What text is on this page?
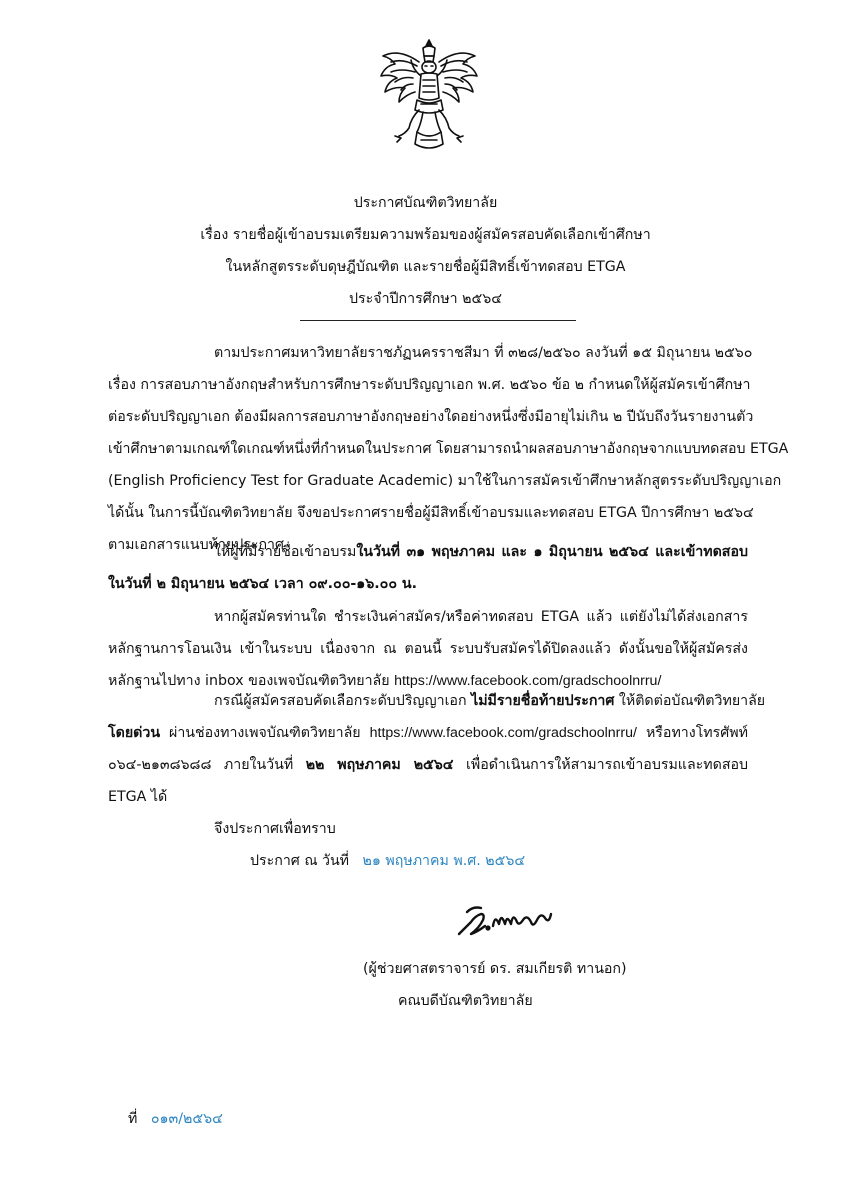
ประกาศบัณฑิตวิทยาลัย
เรื่อง รายชื่อผู้เข้าอบรมเตรียมความพร้อมของผู้สมัครสอบคัดเลือกเข้าศึกษา
ในหลักสูตรระดับดุษฎีบัณฑิต และรายชื่อผู้มีสิทธิ์เข้าทดสอบ ETGA
ประจำปีการศึกษา ๒๕๖๔
ตามประกาศมหาวิทยาลัยราชภัฏนครราชสีมา ที่ ๓๒๘/๒๕๖๐ ลงวันที่ ๑๕ มิถุนายน ๒๕๖๐
เรื่อง การสอบภาษาอังกฤษสำหรับการศึกษาระดับปริญญาเอก พ.ศ. ๒๕๖๐ ข้อ ๒ กำหนดให้ผู้สมัครเข้าศึกษา
ต่อระดับปริญญาเอก ต้องมีผลการสอบภาษาอังกฤษอย่างใดอย่างหนึ่งซึ่งมีอายุไม่เกิน ๒ ปีนับถึงวันรายงานตัว
เข้าศึกษาตามเกณฑ์ใดเกณฑ์หนึ่งที่กำหนดในประกาศ โดยสามารถนำผลสอบภาษาอังกฤษจากแบบทดสอบ ETGA
(English Proficiency Test for Graduate Academic) มาใช้ในการสมัครเข้าศึกษาหลักสูตรระดับปริญญาเอก
ได้นั้น ในการนี้บัณฑิตวิทยาลัย จึงขอประกาศรายชื่อผู้มีสิทธิ์เข้าอบรมและทดสอบ ETGA ปีการศึกษา ๒๕๖๔
ตามเอกสารแนบท้ายประกาศ
ให้ผู้ที่มีรายชื่อเข้าอบรมในวันที่ ๓๑ พฤษภาคม และ ๑ มิถุนายน ๒๕๖๔ และเข้าทดสอบ
ในวันที่ ๒ มิถุนายน ๒๕๖๔ เวลา ๐๙.๐๐-๑๖.๐๐ น.
หากผู้สมัครท่านใด ชำระเงินค่าสมัคร/หรือค่าทดสอบ ETGA แล้ว แต่ยังไม่ได้ส่งเอกสาร
หลักฐานการโอนเงิน เข้าในระบบ เนื่องจาก ณ ตอนนี้ ระบบรับสมัครได้ปิดลงแล้ว ดังนั้นขอให้ผู้สมัครส่ง
หลักฐานไปทาง inbox ของเพจบัณฑิตวิทยาลัย https://www.facebook.com/gradschoolnrru/
กรณีผู้สมัครสอบคัดเลือกระดับปริญญาเอก ไม่มีรายชื่อท้ายประกาศ ให้ติดต่อบัณฑิตวิทยาลัย
โดยด่วน ผ่านช่องทางเพจบัณฑิตวิทยาลัย https://www.facebook.com/gradschoolnrru/ หรือทางโทรศัพท์
๐๖๔-๒๑๓๘๖๘๘ ภายในวันที่ ๒๒ พฤษภาคม ๒๕๖๔ เพื่อดำเนินการให้สามารถเข้าอบรมและทดสอบ
ETGA ได้
จึงประกาศเพื่อทราบ
ประกาศ ณ วันที่ ๒๑ พฤษภาคม พ.ศ. ๒๕๖๔
(ผู้ช่วยศาสตราจารย์ ดร. สมเกียรติ ทานอก)
คณบดีบัณฑิตวิทยาลัย
ที่ ๐๑๓/๒๕๖๔
